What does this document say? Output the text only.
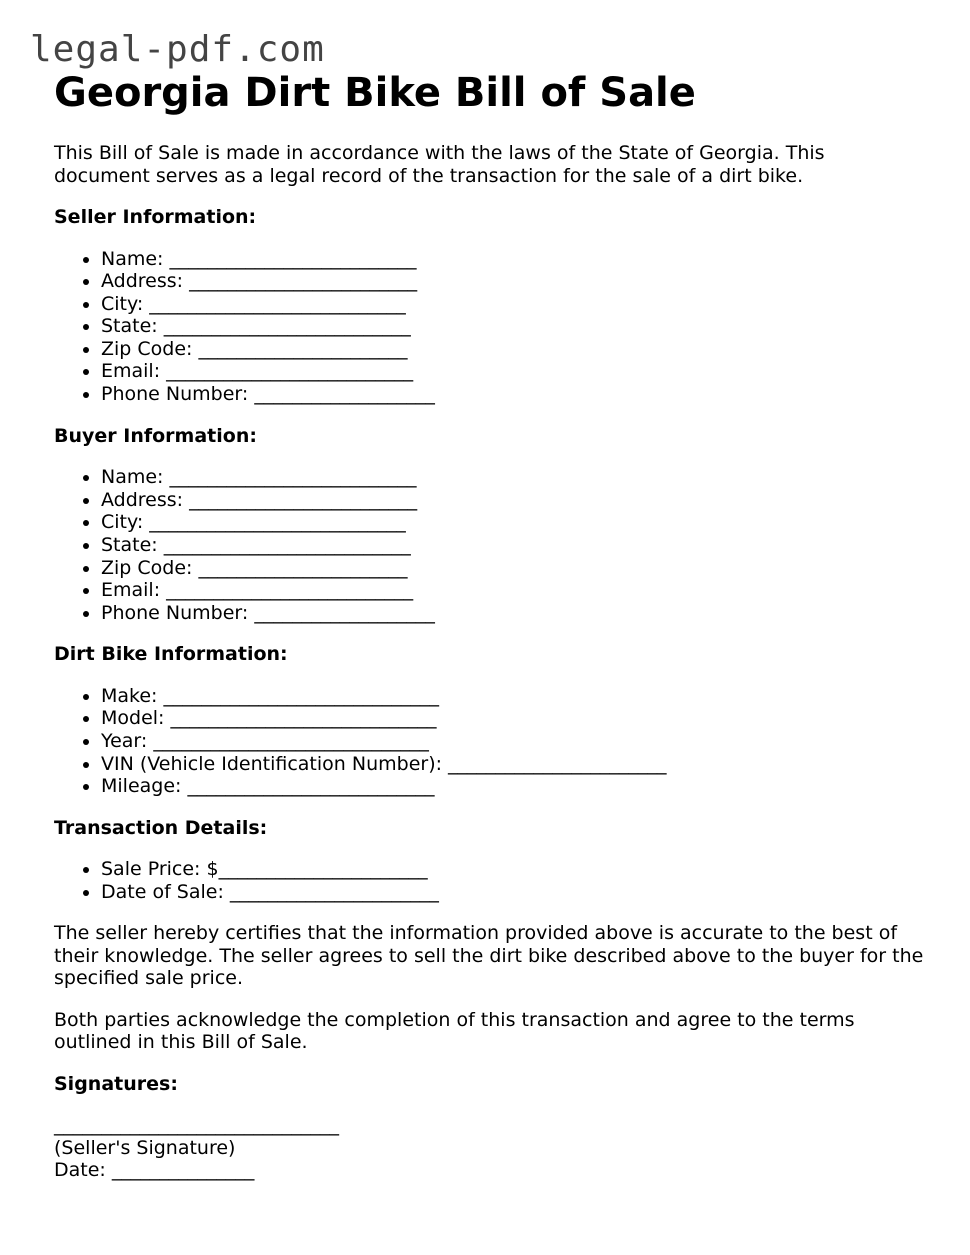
legal-pdf.com
Georgia Dirt Bike Bill of Sale

This Bill of Sale is made in accordance with the laws of the State of Georgia. This document serves as a legal record of the transaction for the sale of a dirt bike.

Seller Information:

• Name: __________________________
• Address: ________________________
• City: ___________________________
• State: __________________________
• Zip Code: ______________________
• Email: __________________________
• Phone Number: ___________________

Buyer Information:

• Name: __________________________
• Address: ________________________
• City: ___________________________
• State: __________________________
• Zip Code: ______________________
• Email: __________________________
• Phone Number: ___________________

Dirt Bike Information:

• Make: _____________________________
• Model: ____________________________
• Year: _____________________________
• VIN (Vehicle Identification Number): _______________________
• Mileage: __________________________

Transaction Details:

• Sale Price: $______________________
• Date of Sale: ______________________

The seller hereby certifies that the information provided above is accurate to the best of their knowledge. The seller agrees to sell the dirt bike described above to the buyer for the specified sale price.

Both parties acknowledge the completion of this transaction and agree to the terms outlined in this Bill of Sale.

Signatures:

______________________________

(Seller's Signature)

Date: _______________
